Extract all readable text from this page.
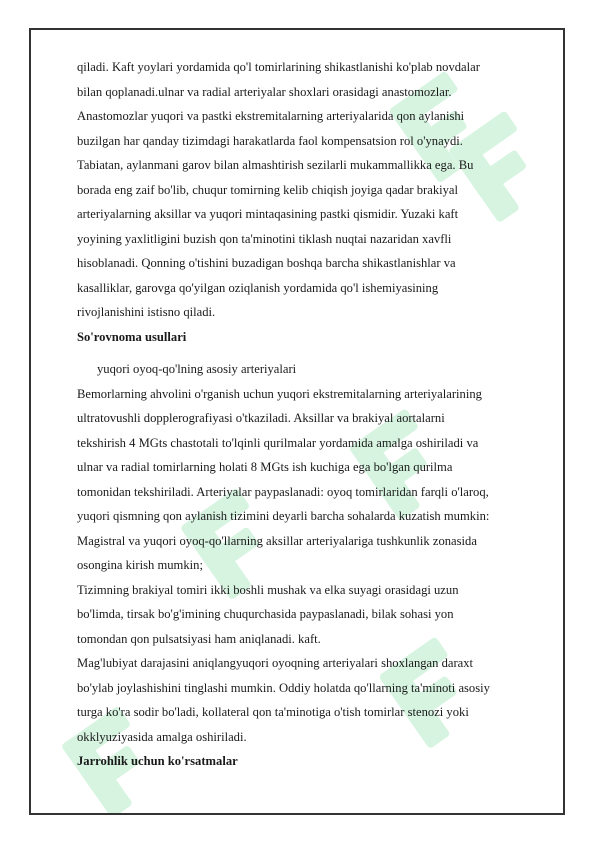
qiladi. Kaft yoylari yordamida qo'l tomirlarining shikastlanishi ko'plab novdalar

bilan qoplanadi.ulnar va radial arteriyalar shoxlari orasidagi anastomozlar.

Anastomozlar yuqori va pastki ekstremitalarning arteriyalarida qon aylanishi

buzilgan har qanday tizimdagi harakatlarda faol kompensatsion rol o'ynaydi.

Tabiatan, aylanmani garov bilan almashtirish sezilarli mukammallikka ega. Bu

borada eng zaif bo'lib, chuqur tomirning kelib chiqish joyiga qadar brakiyal

arteriyalarning aksillar va yuqori mintaqasining pastki qismidir. Yuzaki kaft

yoyining yaxlitligini buzish qon ta'minotini tiklash nuqtai nazaridan xavfli

hisoblanadi. Qonning o'tishini buzadigan boshqa barcha shikastlanishlar va

kasalliklar, garovga qo'yilgan oziqlanish yordamida qo'l ishemiyasining

rivojlanishini istisno qiladi.

So'rovnoma usullari

yuqori oyoq-qo'lning asosiy arteriyalari

Bemorlarning ahvolini o'rganish uchun yuqori ekstremitalarning arteriyalarining

ultratovushli dopplerografiyasi o'tkaziladi. Aksillar va brakiyal aortalarni

tekshirish 4 MGts chastotali to'lqinli qurilmalar yordamida amalga oshiriladi va

ulnar va radial tomirlarning holati 8 MGts ish kuchiga ega bo'lgan qurilma

tomonidan tekshiriladi. Arteriyalar paypaslanadi: oyoq tomirlaridan farqli o'laroq,

yuqori qismning qon aylanish tizimini deyarli barcha sohalarda kuzatish mumkin:

Magistral va yuqori oyoq-qo'llarning aksillar arteriyalariga tushkunlik zonasida

osongina kirish mumkin;

Tizimning brakiyal tomiri ikki boshli mushak va elka suyagi orasidagi uzun

bo'limda, tirsak bo'g'imining chuqurchasida paypaslanadi, bilak sohasi yon

tomondan qon pulsatsiyasi ham aniqlanadi. kaft.

Mag'lubiyat darajasini aniqlangyuqori oyoqning arteriyalari shoxlangan daraxt

bo'ylab joylashishini tinglashi mumkin. Oddiy holatda qo'llarning ta'minoti asosiy

turga ko'ra sodir bo'ladi, kollateral qon ta'minotiga o'tish tomirlar stenozi yoki

okklyuziyasida amalga oshiriladi.

Jarrohlik uchun ko'rsatmalar
